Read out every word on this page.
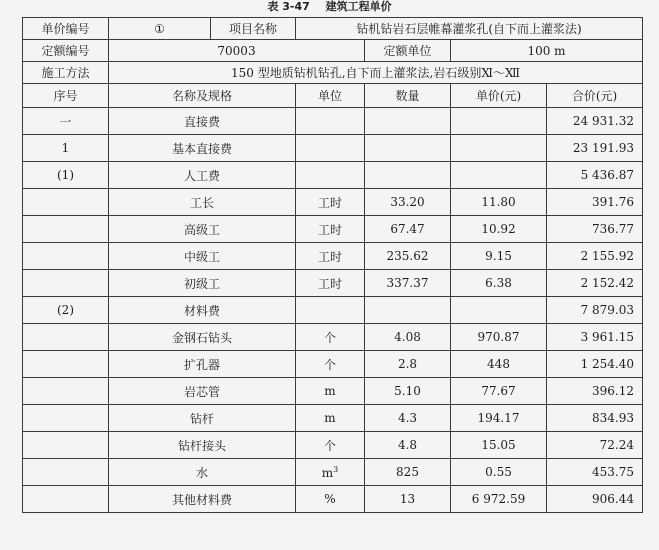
表 3-47 建筑工程单价
单价编号	①	项目名称	钻机钻岩石层帷幕灌浆孔(自下而上灌浆法)			
定额编号	70003			定额单位	100 m	
施工方法	150 型地质钻机钻孔,自下而上灌浆法,岩石级别Ⅺ～Ⅻ					
序号	名称及规格		单位	数量	单价(元)	合价(元)
一	直接费					24 931.32
1	基本直接费					23 191.93
(1)	人工费					5 436.87
	工长		工时	33.20	11.80	391.76
	高级工		工时	67.47	10.92	736.77
	中级工		工时	235.62	9.15	2 155.92
	初级工		工时	337.37	6.38	2 152.42
(2)	材料费					7 879.03
	金钢石钻头		个	4.08	970.87	3 961.15
	扩孔器		个	2.8	448	1 254.40
	岩芯管		m	5.10	77.67	396.12
	钻杆		m	4.3	194.17	834.93
	钻杆接头		个	4.8	15.05	72.24
	水		$m^3$	825	0.55	453.75
	其他材料费		%	13	6 972.59	906.44
